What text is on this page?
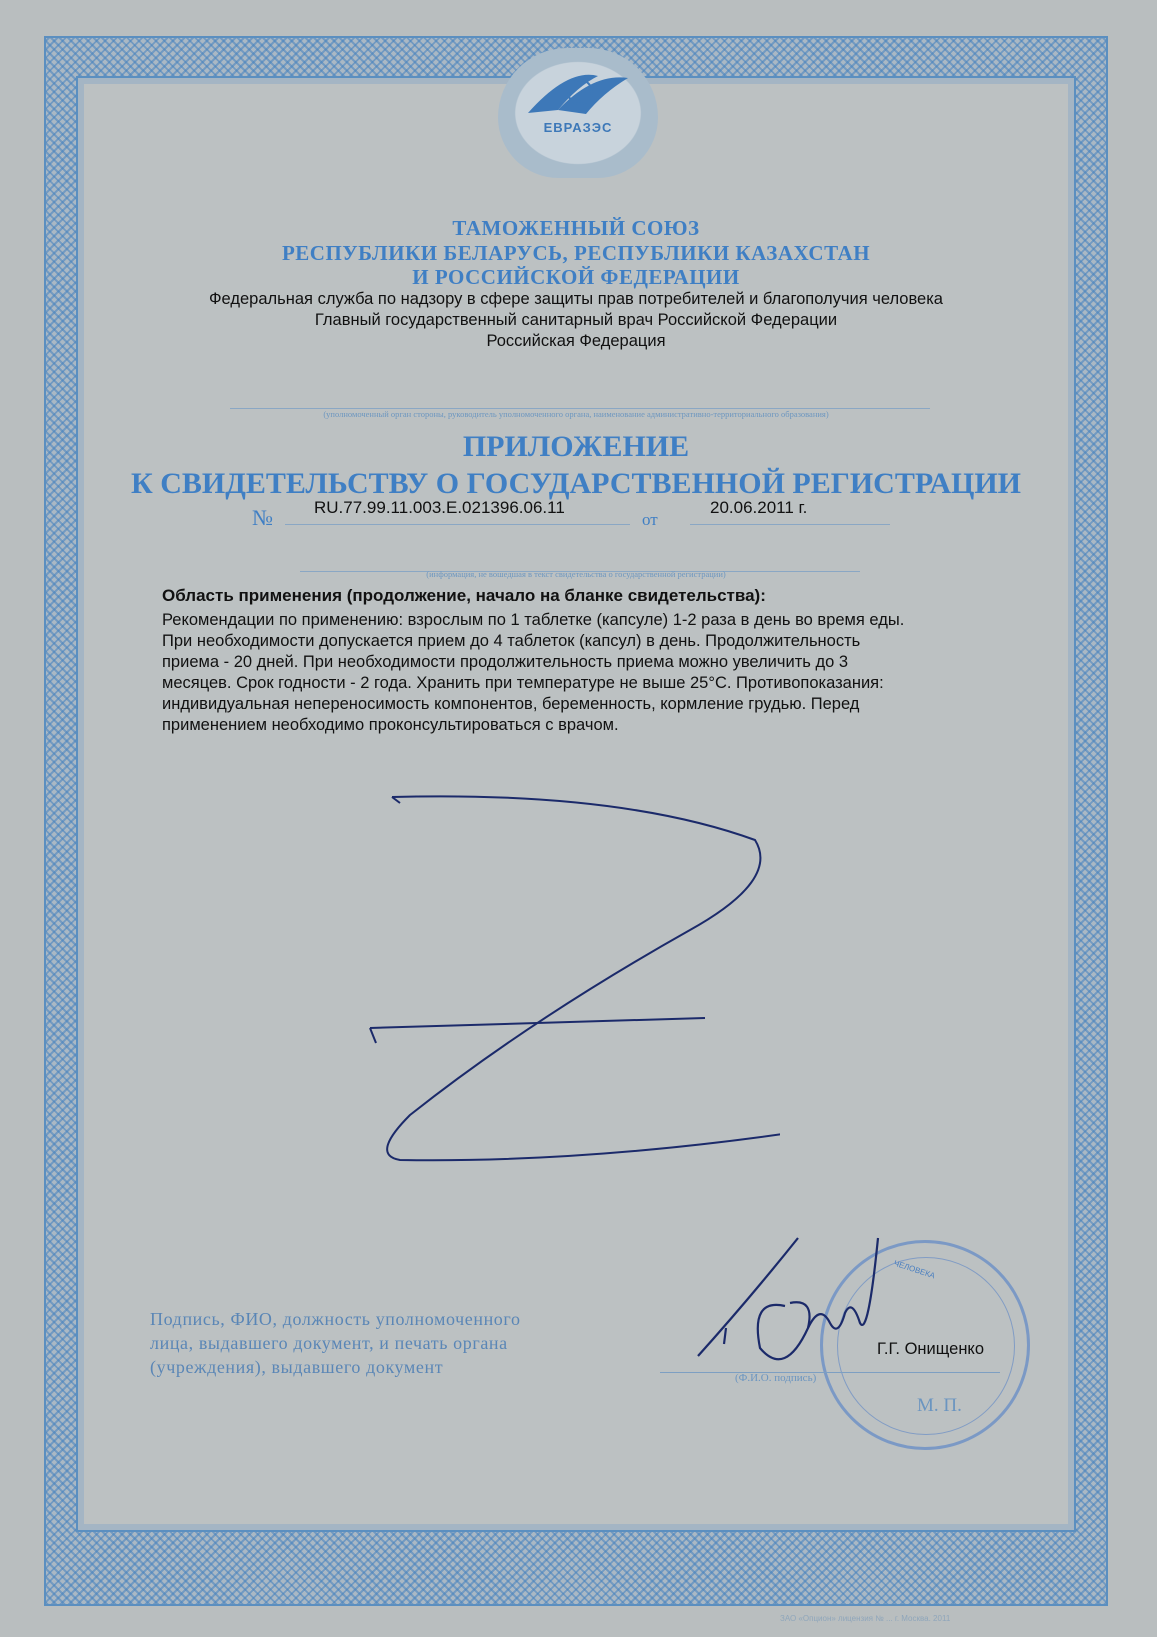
ЕВРАЗЭС
ТАМОЖЕННЫЙ СОЮЗ
РЕСПУБЛИКИ БЕЛАРУСЬ, РЕСПУБЛИКИ КАЗАХСТАН
И РОССИЙСКОЙ ФЕДЕРАЦИИ
Федеральная служба по надзору в сфере защиты прав потребителей и благополучия человека
Главный государственный санитарный врач Российской Федерации
Российская Федерация
(уполномоченный орган стороны, руководитель уполномоченного органа, наименование административно-территориального образования)
ПРИЛОЖЕНИЕ
К СВИДЕТЕЛЬСТВУ О ГОСУДАРСТВЕННОЙ РЕГИСТРАЦИИ
№ RU.77.99.11.003.E.021396.06.11
от
20.06.2011 г.
(информация, не вошедшая в текст свидетельства о государственной регистрации)
Область применения (продолжение, начало на бланке свидетельства):
Рекомендации по применению: взрослым по 1 таблетке (капсуле) 1-2 раза в день во время еды.
При необходимости допускается прием до 4 таблеток (капсул) в день. Продолжительность
приема - 20 дней. При необходимости продолжительность приема можно увеличить до 3
месяцев. Срок годности - 2 года. Хранить при температуре не выше 25°С. Противопоказания:
индивидуальная непереносимость компонентов, беременность, кормление грудью. Перед
применением необходимо проконсультироваться с врачом.
Подпись, ФИО, должность уполномоченного
лица, выдавшего документ, и печать органа
(учреждения), выдавшего документ
ЧЕЛОВЕКА
Г.Г. Онищенко
(Ф.И.О. подпись)
М. П.
ЗАО «Опцион» лицензия № ... г. Москва. 2011
